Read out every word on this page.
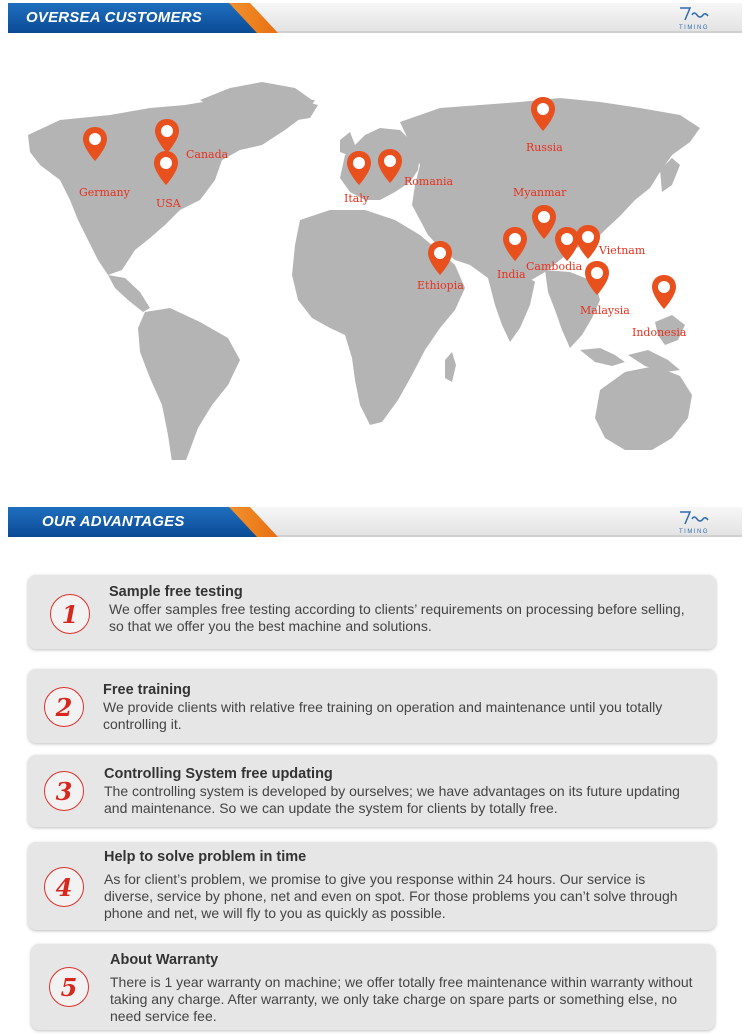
OVERSEA CUSTOMERS
TIMING
Germany
Canada
USA	Italy
Romania
Russia
Myanmar
Ethiopia
India
Cambodia
Vietnam
Malaysia
Indonesia
OUR ADVANTAGES
TIMING
1
Sample free testing
We offer samples free testing according to clients’ requirements on processing before selling, so that we offer you the best machine and solutions.
2
Free training
We provide clients with relative free training on operation and maintenance until you totally controlling it.
3
Controlling System free updating
The controlling system is developed by ourselves; we have advantages on its future updating and maintenance. So we can update the system for clients by totally free.
4
Help to solve problem in time
As for client’s problem, we promise to give you response within 24 hours. Our service is diverse, service by phone, net and even on spot. For those problems you can’t solve through phone and net, we will fly to you as quickly as possible.
5
About Warranty
There is 1 year warranty on machine; we offer totally free maintenance within warranty without taking any charge. After warranty, we only take charge on spare parts or something else, no need service fee.
